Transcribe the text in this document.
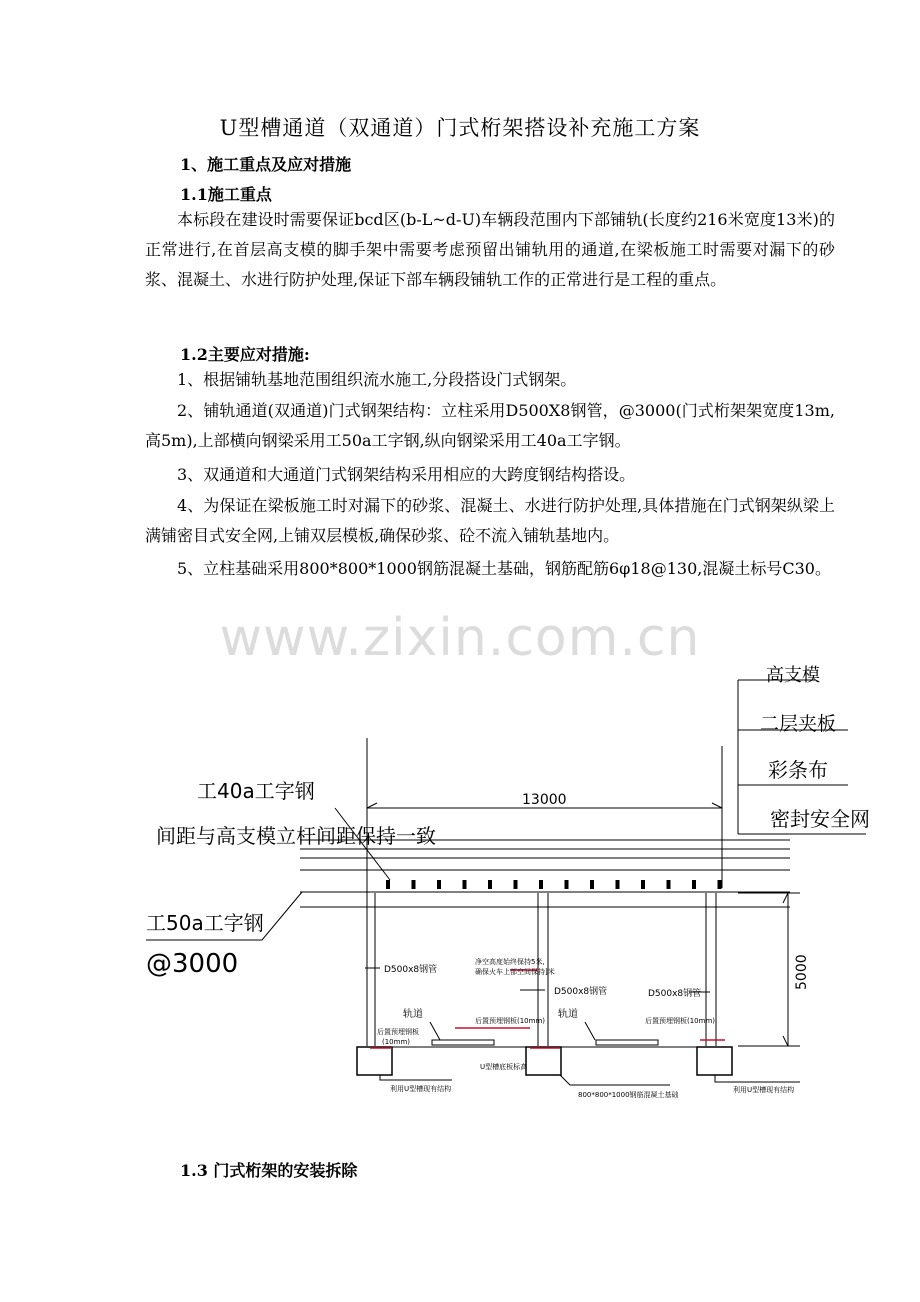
U型槽通道（双通道）门式桁架搭设补充施工方案
1、施工重点及应对措施
1.1施工重点
本标段在建设时需要保证bcd区(b-L~d-U)车辆段范围内下部铺轨(长度约216米宽度13米)的正常进行,在首层高支模的脚手架中需要考虑预留出铺轨用的通道,在梁板施工时需要对漏下的砂浆、混凝土、水进行防护处理,保证下部车辆段铺轨工作的正常进行是工程的重点。
1.2主要应对措施:
1、根据铺轨基地范围组织流水施工,分段搭设门式钢架。
2、铺轨通道(双通道)门式钢架结构：立柱采用D500X8钢管，@3000(门式桁架架宽度13m,高5m),上部横向钢梁采用工50a工字钢,纵向钢梁采用工40a工字钢。
3、双通道和大通道门式钢架结构采用相应的大跨度钢结构搭设。
4、为保证在梁板施工时对漏下的砂浆、混凝土、水进行防护处理,具体措施在门式钢架纵梁上满铺密目式安全网,上铺双层模板,确保砂浆、砼不流入铺轨基地内。
5、立柱基础采用800*800*1000钢筋混凝土基础，钢筋配筋6φ18@130,混凝土标号C30。
www.zixin.com.cn
高支模
二层夹板
彩条布
密封安全网
13000
工40a工字钢
间距与高支模立杆间距保持一致
工50a工字钢
@3000	5000
D500x8钢管
D500x8钢管	D500x8钢管
净空高度始终保持5米,
确保火车上部空间保持]米
轨道	轨道
后置预埋钢板
(10mm)
后置预埋钢板(10mm)	后置预埋钢板(10mm)
U型槽底板标高
利用U型槽现有结构
800*800*1000钢筋混凝土基础
利用U型槽现有结构
1.3 门式桁架的安装拆除
